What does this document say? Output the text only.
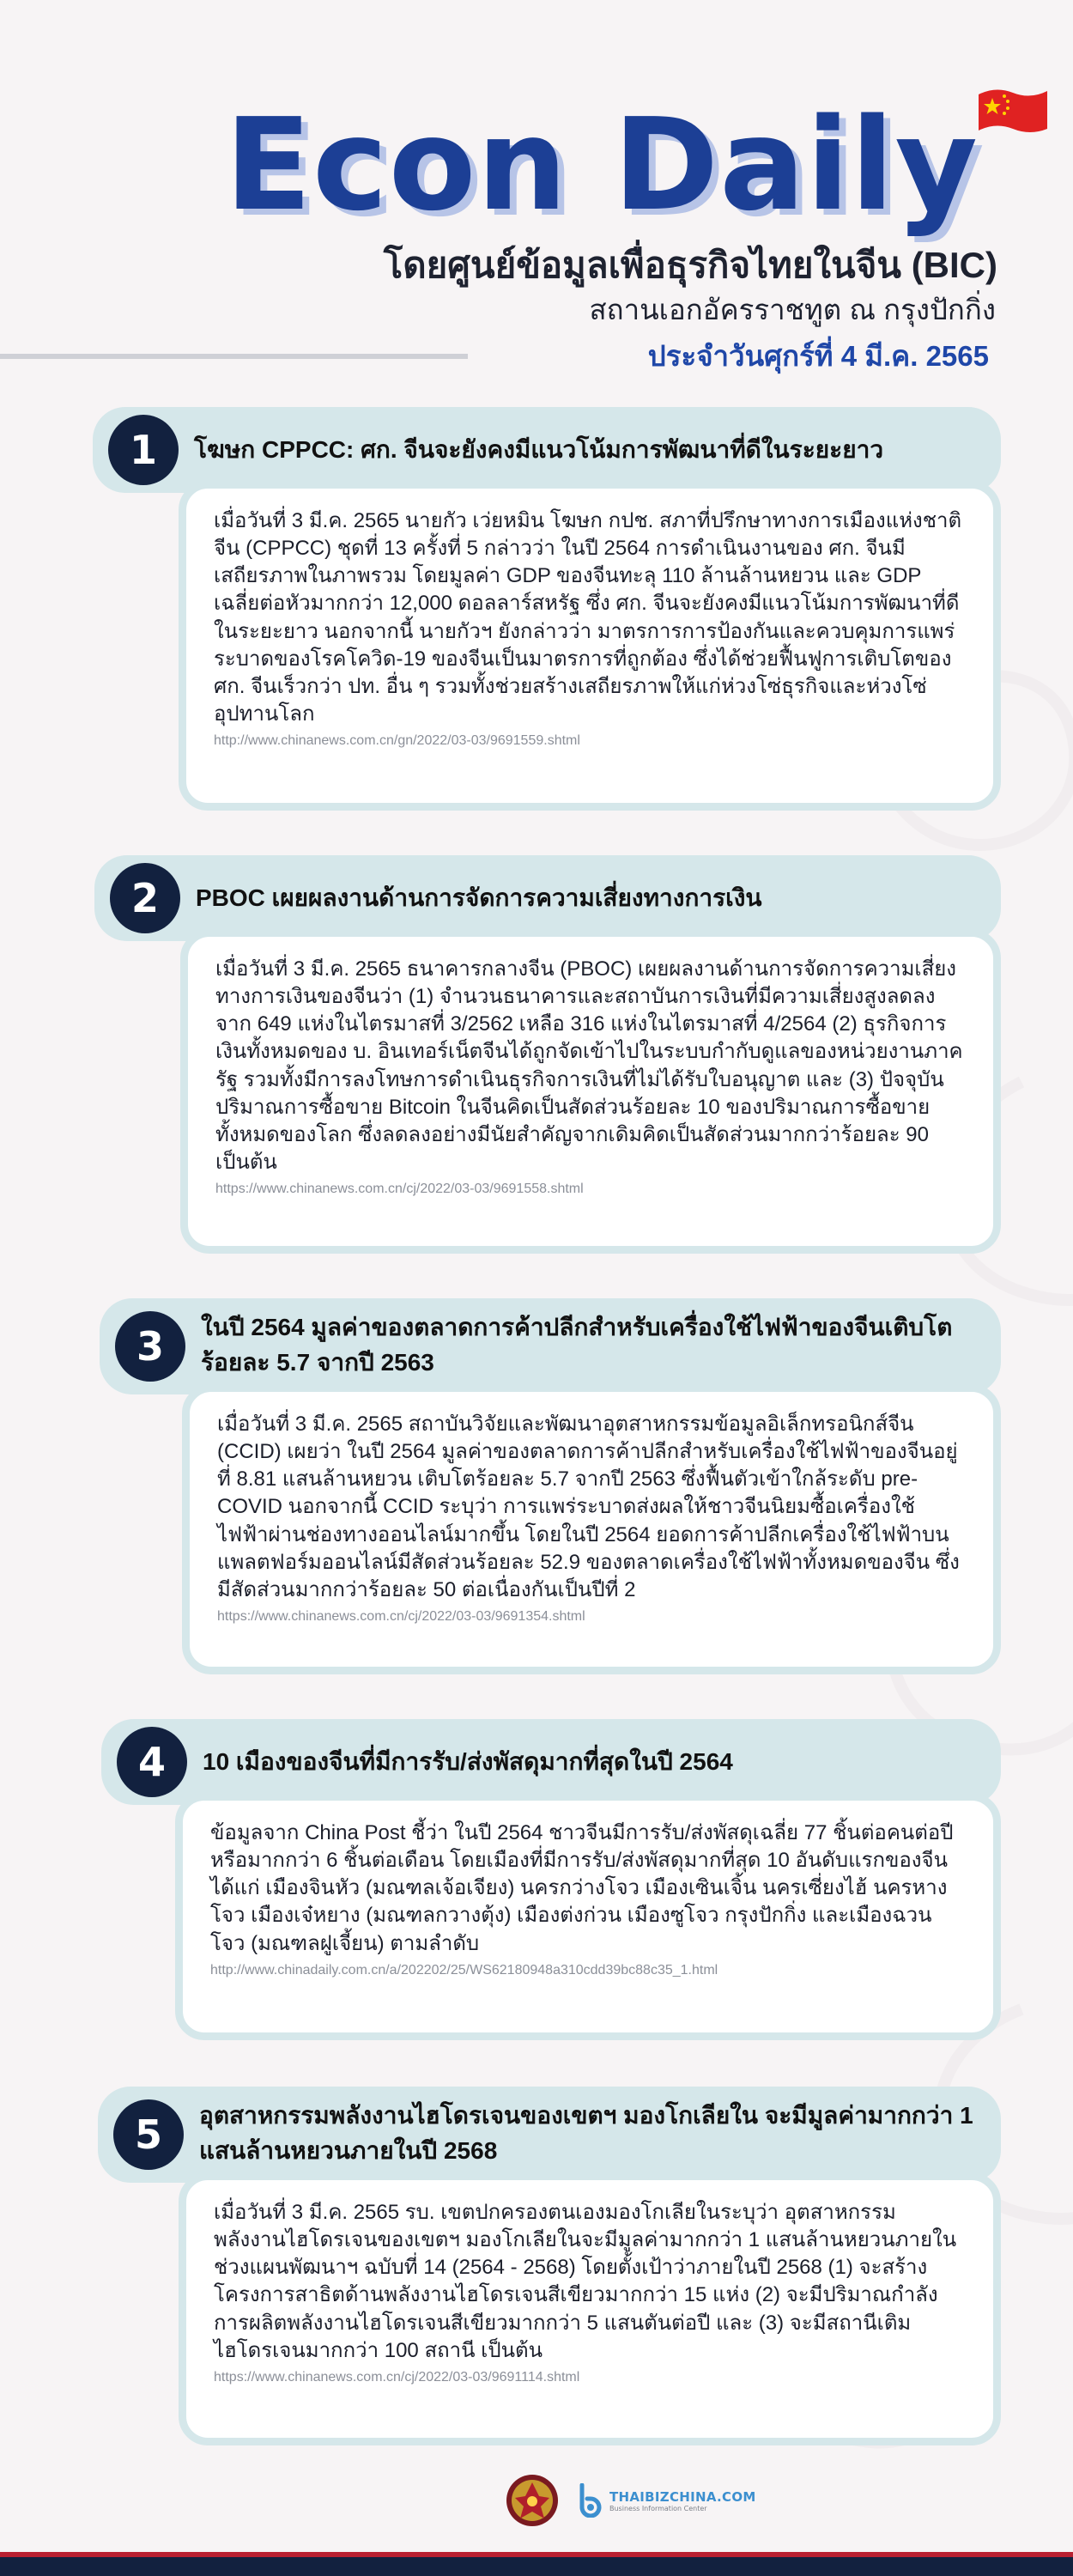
Econ Daily
โดยศูนย์ข้อมูลเพื่อธุรกิจไทยในจีน (BIC)
สถานเอกอัครราชทูต ณ กรุงปักกิ่ง
ประจำวันศุกร์ที่ 4 มี.ค. 2565
1	โฆษก CPPCC: ศก. จีนจะยังคงมีแนวโน้มการพัฒนาที่ดีในระยะยาว
เมื่อวันที่ 3 มี.ค. 2565 นายกัว เว่ยหมิน โฆษก กปช. สภาที่ปรึกษาทางการเมืองแห่งชาติจีน (CPPCC) ชุดที่ 13 ครั้งที่ 5 กล่าวว่า ในปี 2564 การดำเนินงานของ ศก. จีนมีเสถียรภาพในภาพรวม โดยมูลค่า GDP ของจีนทะลุ 110 ล้านล้านหยวน และ GDP เฉลี่ยต่อหัวมากกว่า 12,000 ดอลลาร์สหรัฐ ซึ่ง ศก. จีนจะยังคงมีแนวโน้มการพัฒนาที่ดีในระยะยาว นอกจากนี้ นายกัวฯ ยังกล่าวว่า มาตรการการป้องกันและควบคุมการแพร่ระบาดของโรคโควิด-19 ของจีนเป็นมาตรการที่ถูกต้อง ซึ่งได้ช่วยฟื้นฟูการเติบโตของ ศก. จีนเร็วกว่า ปท. อื่น ๆ รวมทั้งช่วยสร้างเสถียรภาพให้แก่ห่วงโซ่ธุรกิจและห่วงโซ่อุปทานโลก
http://www.chinanews.com.cn/gn/2022/03-03/9691559.shtml
2	PBOC เผยผลงานด้านการจัดการความเสี่ยงทางการเงิน
เมื่อวันที่ 3 มี.ค. 2565 ธนาคารกลางจีน (PBOC) เผยผลงานด้านการจัดการความเสี่ยงทางการเงินของจีนว่า (1) จำนวนธนาคารและสถาบันการเงินที่มีความเสี่ยงสูงลดลงจาก 649 แห่งในไตรมาสที่ 3/2562 เหลือ 316 แห่งในไตรมาสที่ 4/2564 (2) ธุรกิจการเงินทั้งหมดของ บ. อินเทอร์เน็ตจีนได้ถูกจัดเข้าไปในระบบกำกับดูแลของหน่วยงานภาครัฐ รวมทั้งมีการลงโทษการดำเนินธุรกิจการเงินที่ไม่ได้รับใบอนุญาต และ (3) ปัจจุบันปริมาณการซื้อขาย Bitcoin ในจีนคิดเป็นสัดส่วนร้อยละ 10 ของปริมาณการซื้อขายทั้งหมดของโลก ซึ่งลดลงอย่างมีนัยสำคัญจากเดิมคิดเป็นสัดส่วนมากกว่าร้อยละ 90 เป็นต้น
https://www.chinanews.com.cn/cj/2022/03-03/9691558.shtml
3	ในปี 2564 มูลค่าของตลาดการค้าปลีกสำหรับเครื่องใช้ไฟฟ้าของจีนเติบโตร้อยละ 5.7 จากปี 2563
เมื่อวันที่ 3 มี.ค. 2565 สถาบันวิจัยและพัฒนาอุตสาหกรรมข้อมูลอิเล็กทรอนิกส์จีน (CCID) เผยว่า ในปี 2564 มูลค่าของตลาดการค้าปลีกสำหรับเครื่องใช้ไฟฟ้าของจีนอยู่ที่ 8.81 แสนล้านหยวน เติบโตร้อยละ 5.7 จากปี 2563 ซึ่งฟื้นตัวเข้าใกล้ระดับ pre-COVID นอกจากนี้ CCID ระบุว่า การแพร่ระบาดส่งผลให้ชาวจีนนิยมซื้อเครื่องใช้ไฟฟ้าผ่านช่องทางออนไลน์มากขึ้น โดยในปี 2564 ยอดการค้าปลีกเครื่องใช้ไฟฟ้าบนแพลตฟอร์มออนไลน์มีสัดส่วนร้อยละ 52.9 ของตลาดเครื่องใช้ไฟฟ้าทั้งหมดของจีน ซึ่งมีสัดส่วนมากกว่าร้อยละ 50 ต่อเนื่องกันเป็นปีที่ 2
https://www.chinanews.com.cn/cj/2022/03-03/9691354.shtml
4	10 เมืองของจีนที่มีการรับ/ส่งพัสดุมากที่สุดในปี 2564
ข้อมูลจาก China Post ชี้ว่า ในปี 2564 ชาวจีนมีการรับ/ส่งพัสดุเฉลี่ย 77 ชิ้นต่อคนต่อปี หรือมากกว่า 6 ชิ้นต่อเดือน โดยเมืองที่มีการรับ/ส่งพัสดุมากที่สุด 10 อันดับแรกของจีน ได้แก่ เมืองจินหัว (มณฑลเจ้อเจียง) นครกว่างโจว เมืองเซินเจิ้น นครเซี่ยงไฮ้ นครหางโจว เมืองเจ๋หยาง (มณฑลกวางตุ้ง) เมืองต่งก่วน เมืองซูโจว กรุงปักกิ่ง และเมืองฉวนโจว (มณฑลฝูเจี้ยน) ตามลำดับ
http://www.chinadaily.com.cn/a/202202/25/WS62180948a310cdd39bc88c35_1.html
5	อุตสาหกรรมพลังงานไฮโดรเจนของเขตฯ มองโกเลียใน จะมีมูลค่ามากกว่า 1 แสนล้านหยวนภายในปี 2568
เมื่อวันที่ 3 มี.ค. 2565 รบ. เขตปกครองตนเองมองโกเลียในระบุว่า อุตสาหกรรมพลังงานไฮโดรเจนของเขตฯ มองโกเลียในจะมีมูลค่ามากกว่า 1 แสนล้านหยวนภายในช่วงแผนพัฒนาฯ ฉบับที่ 14 (2564 - 2568) โดยตั้งเป้าว่าภายในปี 2568 (1) จะสร้างโครงการสาธิตด้านพลังงานไฮโดรเจนสีเขียวมากกว่า 15 แห่ง (2) จะมีปริมาณกำลังการผลิตพลังงานไฮโดรเจนสีเขียวมากกว่า 5 แสนตันต่อปี และ (3) จะมีสถานีเติมไฮโดรเจนมากกว่า 100 สถานี เป็นต้น
https://www.chinanews.com.cn/cj/2022/03-03/9691114.shtml
THAIBIZCHINA.COM
Business Information Center
